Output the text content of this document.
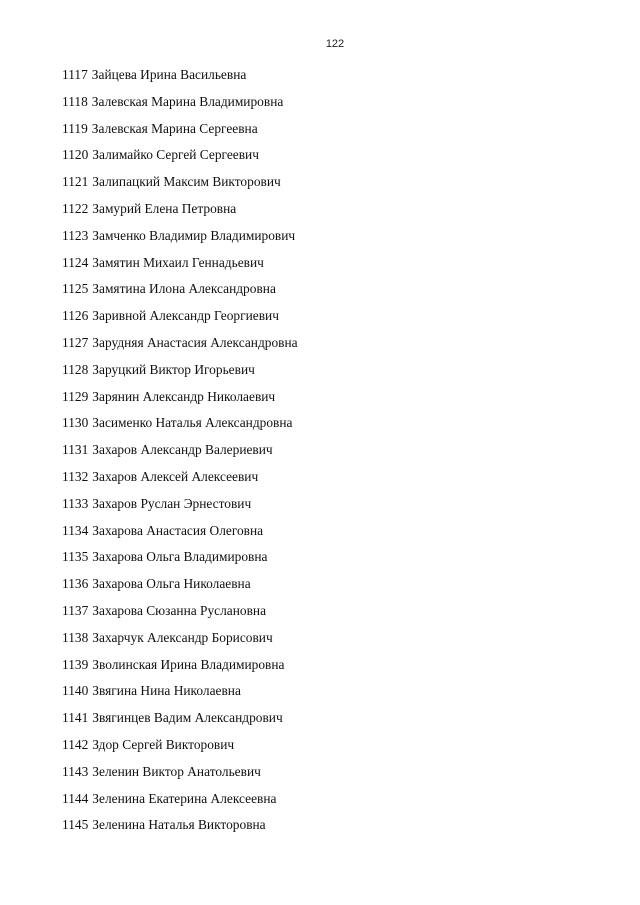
122
1117 Зайцева Ирина Васильевна
1118 Залевская Марина Владимировна
1119 Залевская Марина Сергеевна
1120 Залимайко Сергей Сергеевич
1121 Залипацкий Максим Викторович
1122 Замурий Елена Петровна
1123 Замченко Владимир Владимирович
1124 Замятин Михаил Геннадьевич
1125 Замятина Илона Александровна
1126 Заривной Александр Георгиевич
1127 Зарудняя Анастасия Александровна
1128 Заруцкий Виктор Игорьевич
1129 Зарянин Александр Николаевич
1130 Засименко Наталья Александровна
1131 Захаров Александр Валериевич
1132 Захаров Алексей Алексеевич
1133 Захаров Руслан Эрнестович
1134 Захарова Анастасия Олеговна
1135 Захарова Ольга Владимировна
1136 Захарова Ольга Николаевна
1137 Захарова Сюзанна Руслановна
1138 Захарчук Александр Борисович
1139 Зволинская Ирина Владимировна
1140 Звягина Нина Николаевна
1141 Звягинцев Вадим Александрович
1142 Здор Сергей Викторович
1143 Зеленин Виктор Анатольевич
1144 Зеленина Екатерина Алексеевна
1145 Зеленина Наталья Викторовна
